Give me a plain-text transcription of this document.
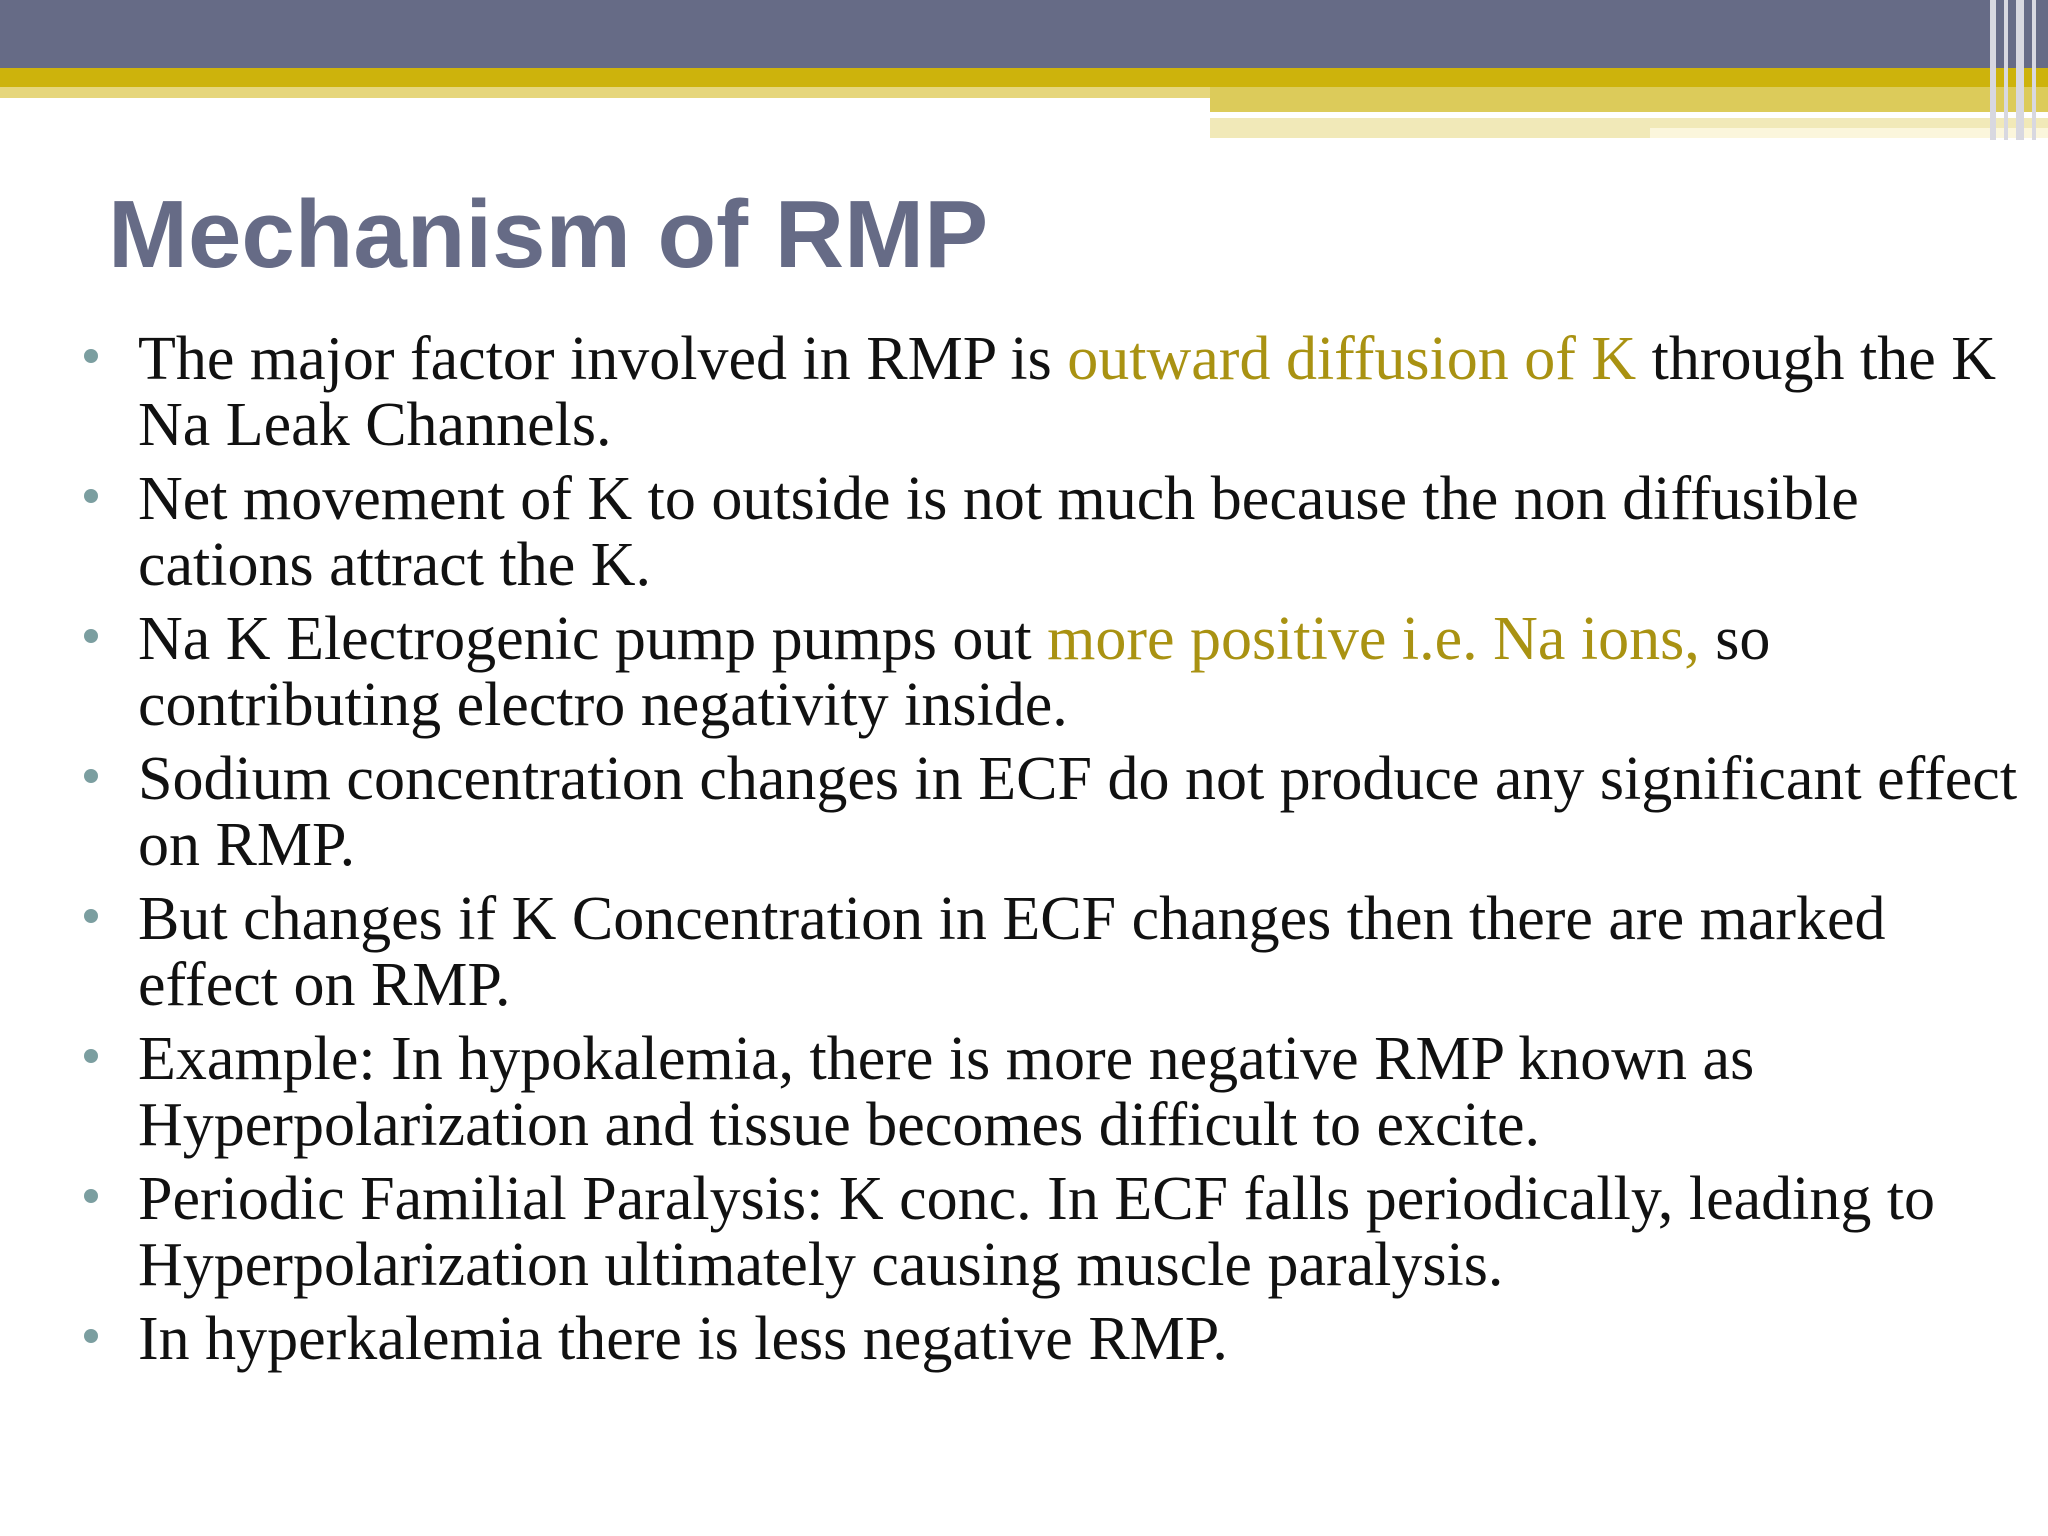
Mechanism of RMP
The major factor involved in RMP is outward diffusion of K through the K Na Leak Channels.
Net movement of K to outside is not much because the non diffusible cations attract the K.
Na K Electrogenic pump pumps out more positive i.e. Na ions, so contributing electro negativity inside.
Sodium concentration changes in ECF do not produce any significant effect on RMP.
But changes if K Concentration in ECF changes then there are marked effect on RMP.
Example: In hypokalemia, there is more negative RMP known as Hyperpolarization and tissue becomes difficult to excite.
Periodic Familial Paralysis: K conc. In ECF falls periodically, leading to Hyperpolarization ultimately causing muscle paralysis.
In hyperkalemia there is less negative RMP.
